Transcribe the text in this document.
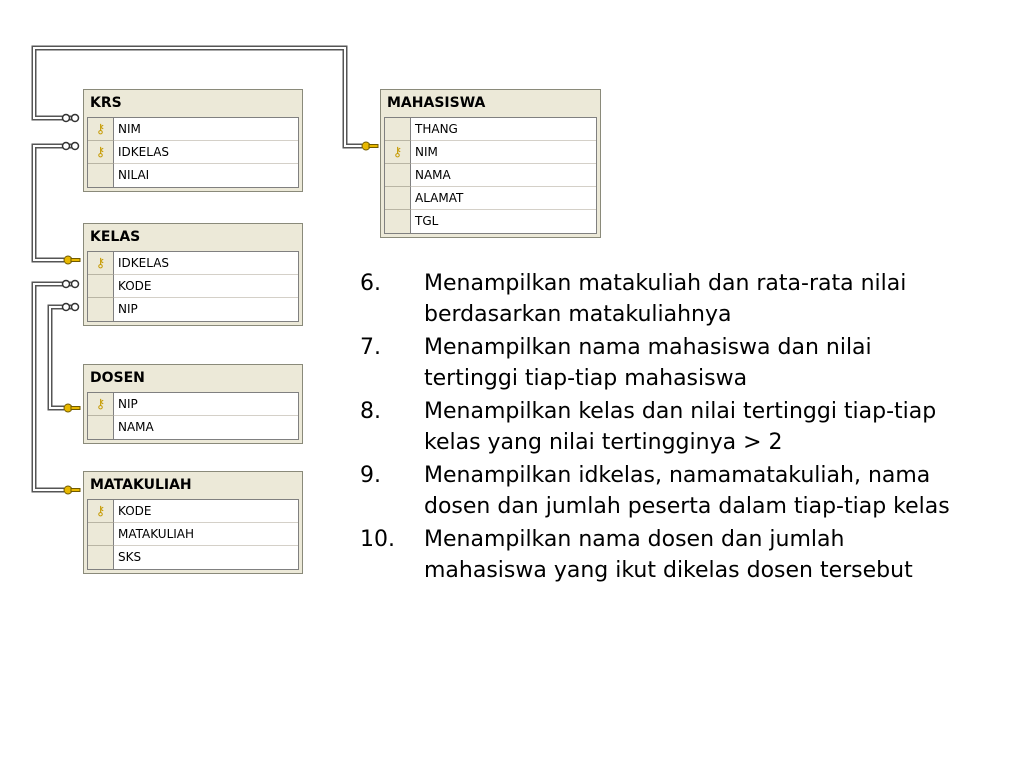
KRS
⚷	NIM
⚷	IDKELAS
NILAI
MAHASISWA
THANG
⚷	NIM
NAMA
ALAMAT
TGL
KELAS
⚷	IDKELAS
KODE
NIP
DOSEN
⚷	NIP
NAMA
MATAKULIAH
⚷	KODE
MATAKULIAH
SKS
6.	Menampilkan matakuliah dan rata-rata nilai berdasarkan matakuliahnya
7.	Menampilkan nama mahasiswa dan nilai tertinggi tiap-tiap mahasiswa
8.	Menampilkan kelas dan nilai tertinggi tiap-tiap kelas yang nilai tertingginya > 2
9.	Menampilkan idkelas, namamatakuliah, nama dosen dan jumlah peserta dalam tiap-tiap kelas
10.	Menampilkan nama dosen dan jumlah mahasiswa yang ikut dikelas dosen tersebut
